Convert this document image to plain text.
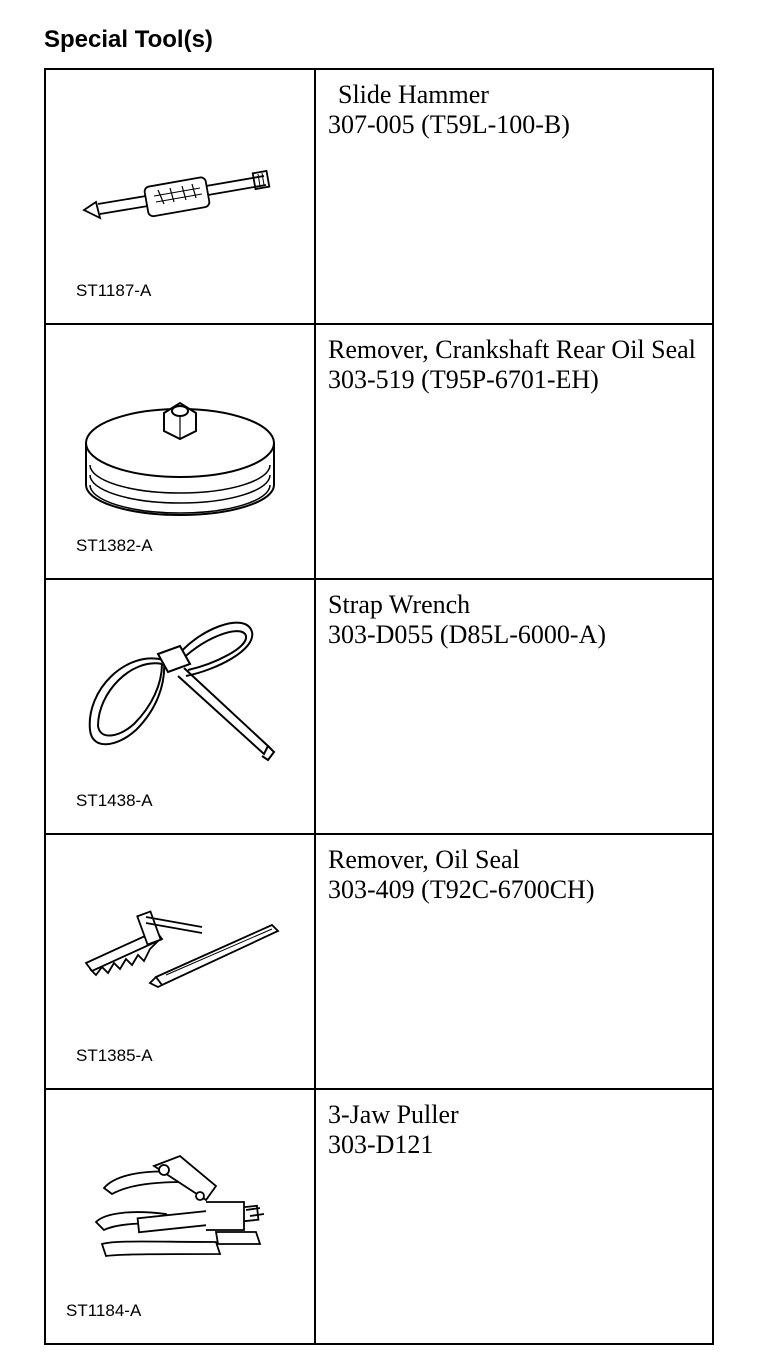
Special Tool(s)
ST1187-A	Slide Hammer
307-005 (T59L-100-B)

ST1382-A	Remover, Crankshaft Rear Oil Seal
303-519 (T95P-6701-EH)

ST1438-A	Strap Wrench
303-D055 (D85L-6000-A)

ST1385-A	Remover, Oil Seal
303-409 (T92C-6700CH)

ST1184-A	3-Jaw Puller
303-D121
